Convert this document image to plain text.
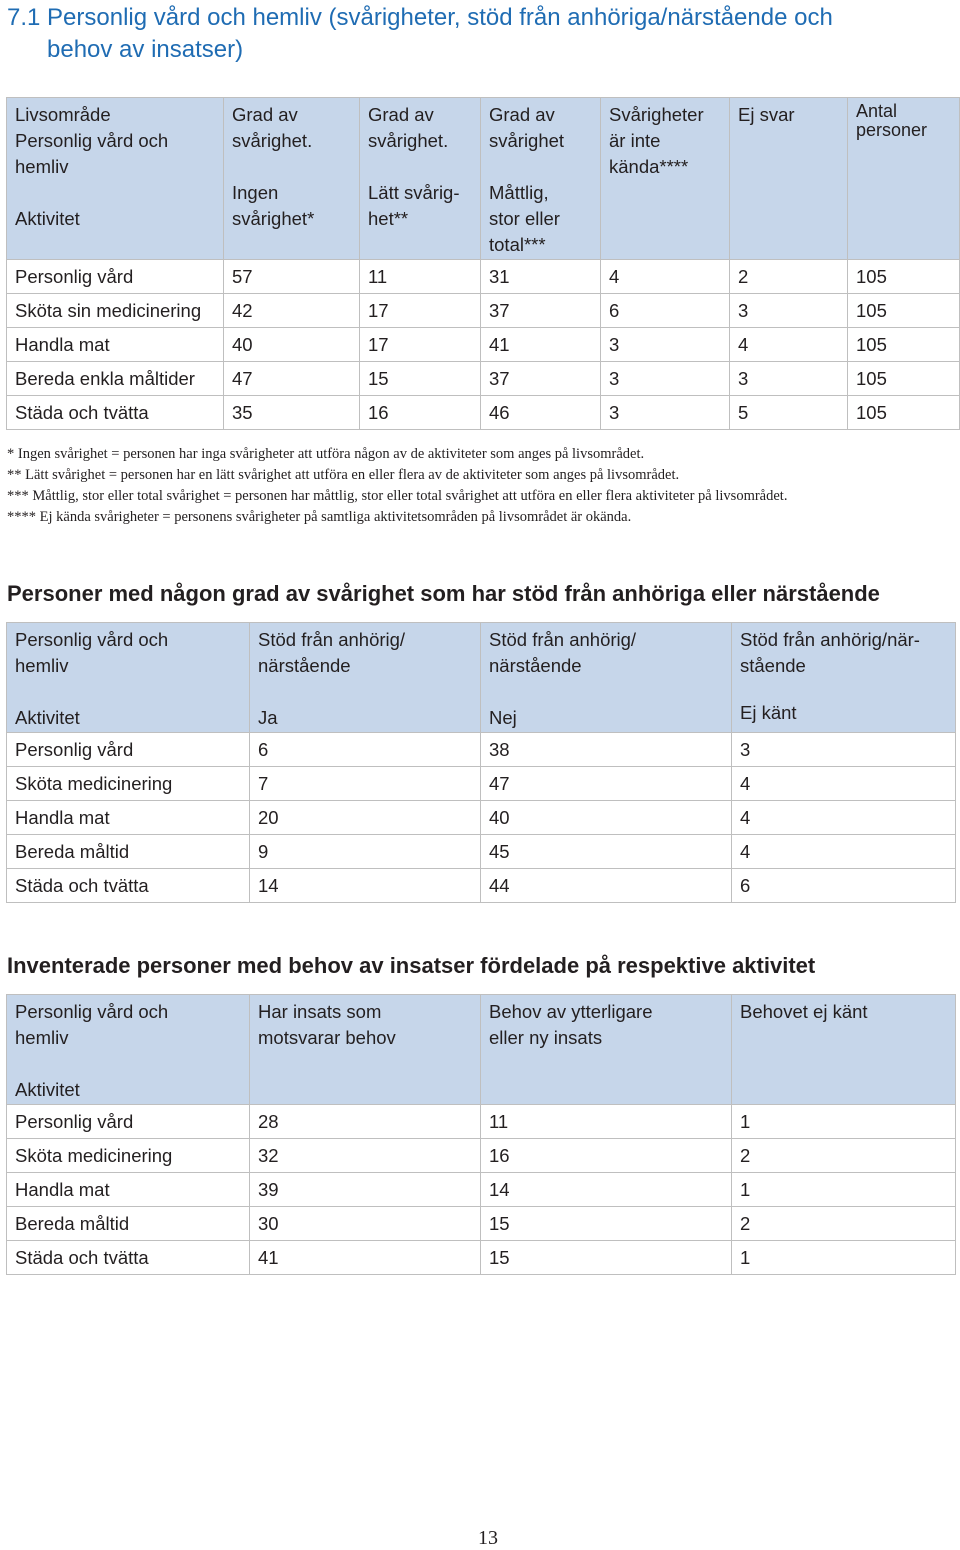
7.1 Personlig vård och hemliv (svårigheter, stöd från anhöriga/närstående och
behov av insatser)
Livsområde
Personlig vård och
hemliv
Aktivitet	Grad av
svårighet.
Ingen
svårighet*	Grad av
svårighet.
Lätt svårig-
het**	Grad av
svårighet
Måttlig,
stor eller
total***	Svårigheter
är inte
kända****	Ej svar	Antal
personer

Personlig vård	57	11	31	4	2	105
Sköta sin medicinering	42	17	37	6	3	105
Handla mat	40	17	41	3	4	105
Bereda enkla måltider	47	15	37	3	3	105
Städa och tvätta	35	16	46	3	5	105

* Ingen svårighet = personen har inga svårigheter att utföra någon av de aktiviteter som anges på livsområdet.

** Lätt svårighet = personen har en lätt svårighet att utföra en eller flera av de aktiviteter som anges på livsområdet.

*** Måttlig, stor eller total svårighet = personen har måttlig, stor eller total svårighet att utföra en eller flera aktiviteter på livsområdet.

**** Ej kända svårigheter = personens svårigheter på samtliga aktivitetsområden på livsområdet är okända.

Personer med någon grad av svårighet som har stöd från anhöriga eller närstående
Personlig vård och
hemliv
Aktivitet	Stöd från anhörig/
närstående
Ja	Stöd från anhörig/
närstående
Nej	Stöd från anhörig/när-
stående
Ej känt

Personlig vård	6	38	3
Sköta medicinering	7	47	4
Handla mat	20	40	4
Bereda måltid	9	45	4
Städa och tvätta	14	44	6
Inventerade personer med behov av insatser fördelade på respektive aktivitet
Personlig vård och
hemliv
Aktivitet	Har insats som
motsvarar behov	Behov av ytterligare
eller ny insats	Behovet ej känt

Personlig vård	28	11	1
Sköta medicinering	32	16	2
Handla mat	39	14	1
Bereda måltid	30	15	2
Städa och tvätta	41	15	1
13
